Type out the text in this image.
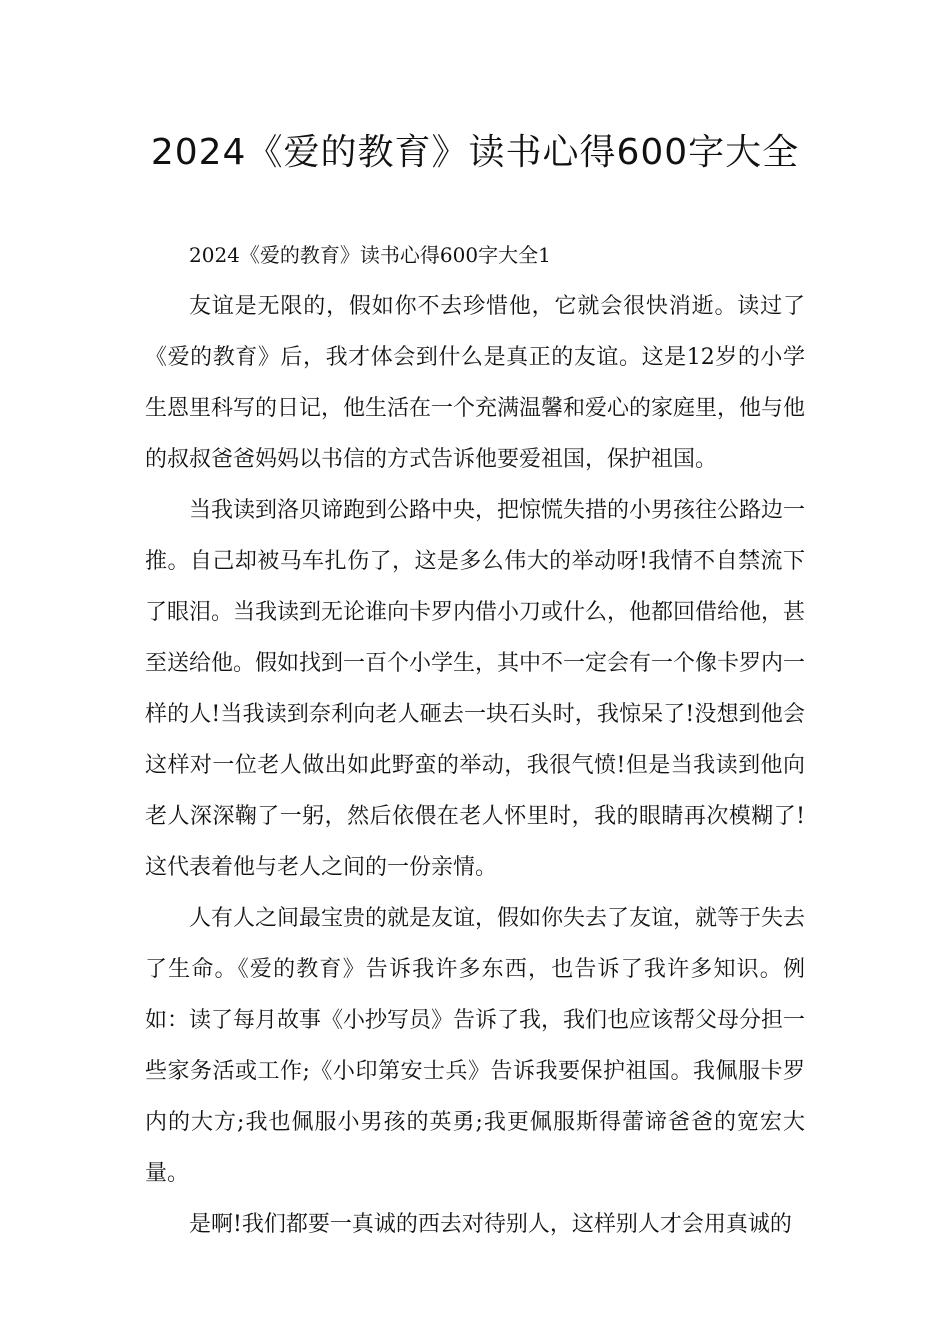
2024《爱的教育》读书心得600字大全

2024《爱的教育》读书心得600字大全1

友谊是无限的，假如你不去珍惜他，它就会很快消逝。读过了《爱的教育》后，我才体会到什么是真正的友谊。这是12岁的小学生恩里科写的日记，他生活在一个充满温馨和爱心的家庭里，他与他的叔叔爸爸妈妈以书信的方式告诉他要爱祖国，保护祖国。

当我读到洛贝谛跑到公路中央，把惊慌失措的小男孩往公路边一推。自己却被马车扎伤了，这是多么伟大的举动呀!我情不自禁流下了眼泪。当我读到无论谁向卡罗内借小刀或什么，他都回借给他，甚至送给他。假如找到一百个小学生，其中不一定会有一个像卡罗内一样的人!当我读到奈利向老人砸去一块石头时，我惊呆了!没想到他会这样对一位老人做出如此野蛮的举动，我很气愤!但是当我读到他向老人深深鞠了一躬，然后依偎在老人怀里时，我的眼睛再次模糊了!这代表着他与老人之间的一份亲情。

人有人之间最宝贵的就是友谊，假如你失去了友谊，就等于失去了生命。《爱的教育》告诉我许多东西，也告诉了我许多知识。例如：读了每月故事《小抄写员》告诉了我，我们也应该帮父母分担一些家务活或工作;《小印第安士兵》告诉我要保护祖国。我佩服卡罗内的大方;我也佩服小男孩的英勇;我更佩服斯得蕾谛爸爸的宽宏大量。

是啊!我们都要一真诚的西去对待别人，这样别人才会用真诚的
